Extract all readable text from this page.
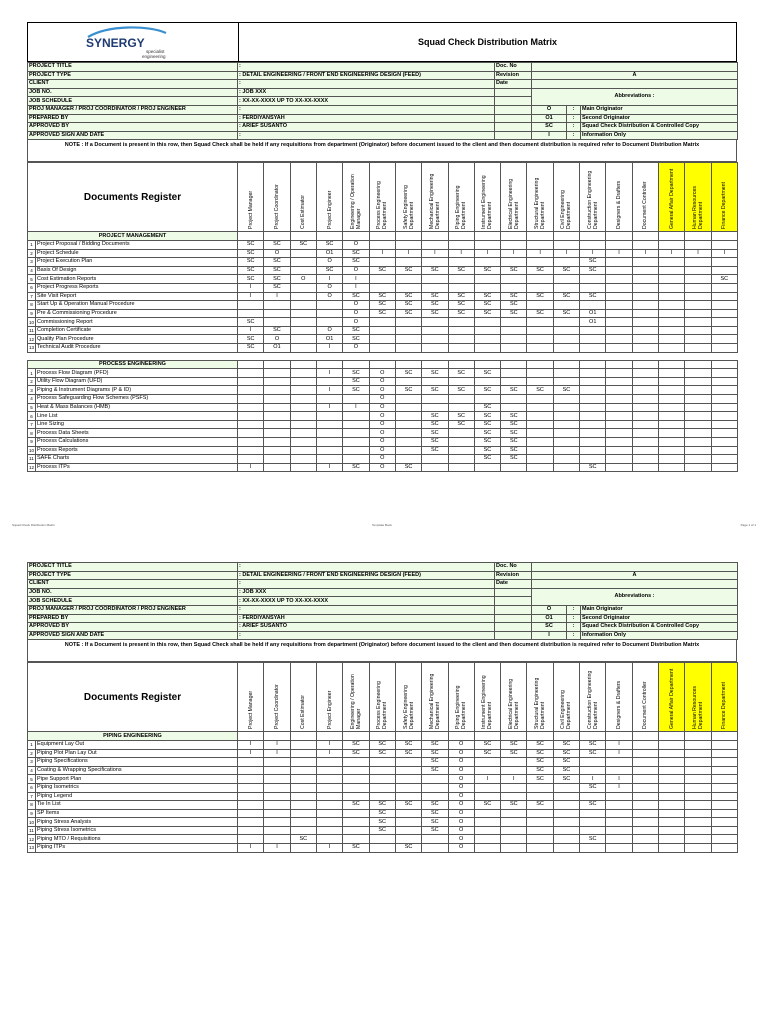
SYNERGY
specialist
engineering
Squad Check Distribution Matrix
PROJECT TITLE	:	Doc. No			
PROJECT TYPE	: DETAIL ENGINEERING / FRONT END ENGINEERING DESIGN (FEED)	Revision	A		
CLIENT	:	Date			
JOB NO.	: JOB XXX		Abbreviations :		
JOB SCHEDULE	: XX-XX-XXXX UP TO XX-XX-XXXX				
PROJ MANAGER / PROJ COORDINATOR / PROJ ENGINEER	:		O	:	Main Originator
PREPARED BY	: FERDIYANSYAH		O1	:	Second Originator
APPROVED BY	: ARIEF SUSANTO		SC	:	Squad Check Distribution & Controlled Copy
APPROVED SIGN AND DATE	:		I	:	Information Only
NOTE : If a Document is present in this row, then Squad Check shall be held if any requisitions from department (Originator) before document issued to the client and then document distribution is required refer to Document Distribution Matrix
Documents Register		Project Manager	Project Coordinator	Cost Estimator	Project Engineer	Engineering / Operation Manager	Process Engineering Department	Safety Engineering Department	Mechanical Engineering Department	Piping Engineering Department	Instrument Engineering Department	Electrical Engineering Department	Structural Engineering Department	Civil Engineering Department	Construction Engineering Department	Designers & Drafters	Document Controller	General Affair Department	Human Resources Department	Finance Department

PROJECT MANAGEMENT																				
1	Project Proposal / Bidding Documents	SC	SC	SC	SC	O														
2	Project Schedule	SC	O		O1	SC	I	I	I	I	I	I	I	I	I	I	I	I	I	I
3	Project Execution Plan	SC	SC		O	SC									SC					
4	Basis Of Design	SC	SC		SC	O	SC	SC	SC	SC	SC	SC	SC	SC	SC					
5	Cost Estimation Reports	SC	SC	O	I	I														SC
6	Project Progress Reports	I	SC		O	I														
7	Site Visit Report	I	I		O	SC	SC	SC	SC	SC	SC	SC	SC	SC	SC					
8	Start Up & Operation Manual Procedure					O	SC	SC	SC	SC	SC	SC								
9	Pre & Commissioning Procedure					O	SC	SC	SC	SC	SC	SC	SC	SC	O1					
10	Commissioning Report	SC				O									O1					
11	Completion Certificate	I	SC		O	SC														
12	Quality Plan Procedure	SC	O		O1	SC														
13	Technical Audit Procedure	SC	O1		I	O														

PROCESS ENGINEERING																				
1	Process Flow Diagram (PFD)				I	SC	O	SC	SC	SC	SC									
2	Utility Flow Diagram (UFD)					SC	O													
3	Piping & Instrument Diagrams (P & ID)				I	SC	O	SC	SC	SC	SC	SC	SC	SC						
4	Process Safeguarding Flow Schemes (PSFS)						O													
5	Heat & Mass Balances (HMB)				I	I	O				SC									
6	Line List						O		SC	SC	SC	SC								
7	Line Sizing						O		SC	SC	SC	SC								
8	Process Data Sheets						O		SC		SC	SC								
9	Process Calculations						O		SC		SC	SC								
10	Process Reports						O		SC		SC	SC								
11	SAFE Charts						O				SC	SC								
12	Process ITPs	I			I	SC	O	SC							SC					
Squad Check Distribution Matrix	Template Book	Page 1 of 1
PROJECT TITLE	:	Doc. No			
PROJECT TYPE	: DETAIL ENGINEERING / FRONT END ENGINEERING DESIGN (FEED)	Revision	A		
CLIENT	:	Date			
JOB NO.	: JOB XXX		Abbreviations :		
JOB SCHEDULE	: XX-XX-XXXX UP TO XX-XX-XXXX				
PROJ MANAGER / PROJ COORDINATOR / PROJ ENGINEER	:		O	:	Main Originator
PREPARED BY	: FERDIYANSYAH		O1	:	Second Originator
APPROVED BY	: ARIEF SUSANTO		SC	:	Squad Check Distribution & Controlled Copy
APPROVED SIGN AND DATE	:		I	:	Information Only
NOTE : If a Document is present in this row, then Squad Check shall be held if any requisitions from department (Originator) before document issued to the client and then document distribution is required refer to Document Distribution Matrix
Documents Register		Project Manager	Project Coordinator	Cost Estimator	Project Engineer	Engineering / Operation Manager	Process Engineering Department	Safety Engineering Department	Mechanical Engineering Department	Piping Engineering Department	Instrument Engineering Department	Electrical Engineering Department	Structural Engineering Department	Civil Engineering Department	Construction Engineering Department	Designers & Drafters	Document Controller	General Affair Department	Human Resources Department	Finance Department

PIPING ENGINEERING																				
1	Equipment Lay Out	I	I		I	SC	SC	SC	SC	O	SC	SC	SC	SC	SC	I				
2	Piping Plot Plan Lay Out	I	I		I	SC	SC	SC	SC	O	SC	SC	SC	SC	SC	I				
3	Piping Specifications								SC	O			SC	SC						
4	Coating & Wrapping Specifications								SC	O			SC	SC						
5	Pipe Support Plan									O	I	I	SC	SC	I	I				
6	Piping Isometrics									O					SC	I				
7	Piping Legend									O										
8	Tie In List					SC	SC	SC	SC	O	SC	SC	SC		SC					
9	SP Items						SC		SC	O										
10	Piping Stress Analysis						SC		SC	O										
11	Piping Stress Isometrics						SC		SC	O										
12	Piping MTO / Requisitions			SC						O					SC					
13	Piping ITPs	I	I		I	SC		SC		O										
